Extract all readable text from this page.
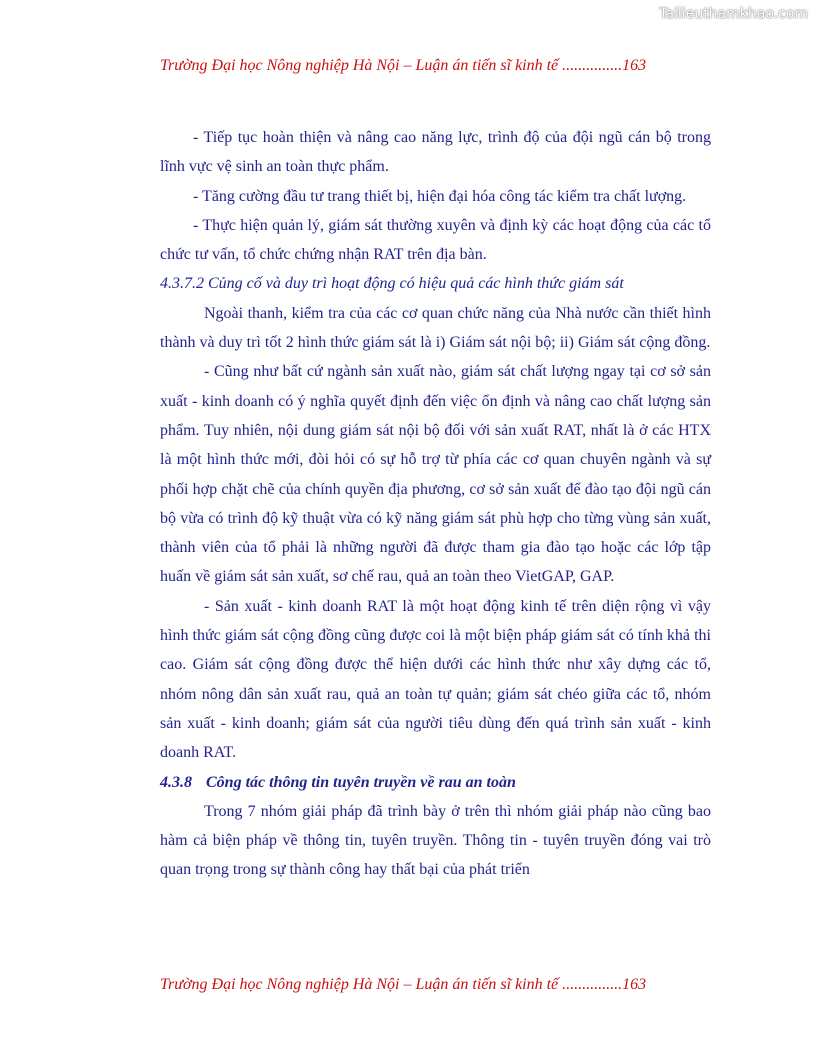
Tailieuthamkhao.com
Trường Đại học Nông nghiệp Hà Nội – Luận án tiến sĩ kinh tế ...............163

- Tiếp tục hoàn thiện và nâng cao năng lực, trình độ của đội ngũ cán bộ trong lĩnh vực vệ sinh an toàn thực phẩm.

- Tăng cường đầu tư trang thiết bị, hiện đại hóa công tác kiểm tra chất lượng.

- Thực hiện quản lý, giám sát thường xuyên và định kỳ các hoạt động của các tổ chức tư vấn, tổ chức chứng nhận RAT trên địa bàn.

4.3.7.2 Củng cố và duy trì hoạt động có hiệu quả các hình thức giám sát

Ngoài thanh, kiểm tra của các cơ quan chức năng của Nhà nước cần thiết hình thành và duy trì tốt 2 hình thức giám sát là i) Giám sát nội bộ; ii) Giám sát cộng đồng.

- Cũng như bất cứ ngành sản xuất nào, giám sát chất lượng ngay tại cơ sở sản xuất - kinh doanh có ý nghĩa quyết định đến việc ổn định và nâng cao chất lượng sản phẩm. Tuy nhiên, nội dung giám sát nội bộ đối với sản xuất RAT, nhất là ở các HTX là một hình thức mới, đòi hỏi có sự hỗ trợ từ phía các cơ quan chuyên ngành và sự phối hợp chặt chẽ của chính quyền địa phương, cơ sở sản xuất để đào tạo đội ngũ cán bộ vừa có trình độ kỹ thuật vừa có kỹ năng giám sát phù hợp cho từng vùng sản xuất, thành viên của tổ phải là những người đã được tham gia đào tạo hoặc các lớp tập huấn về giám sát sản xuất, sơ chế rau, quả an toàn theo VietGAP, GAP.

- Sản xuất - kinh doanh RAT là một hoạt động kinh tế trên diện rộng vì vậy hình thức giám sát cộng đồng cũng được coi là một biện pháp giám sát có tính khả thi cao. Giám sát cộng đồng được thể hiện dưới các hình thức như xây dựng các tổ, nhóm nông dân sản xuất rau, quả an toàn tự quản; giám sát chéo giữa các tổ, nhóm sản xuất - kinh doanh; giám sát của người tiêu dùng đến quá trình sản xuất - kinh doanh RAT.

4.3.8 Công tác thông tin tuyên truyền về rau an toàn

Trong 7 nhóm giải pháp đã trình bày ở trên thì nhóm giải pháp nào cũng bao hàm cả biện pháp về thông tin, tuyên truyền. Thông tin - tuyên truyền đóng vai trò quan trọng trong sự thành công hay thất bại của phát triển

Trường Đại học Nông nghiệp Hà Nội – Luận án tiến sĩ kinh tế ...............163
